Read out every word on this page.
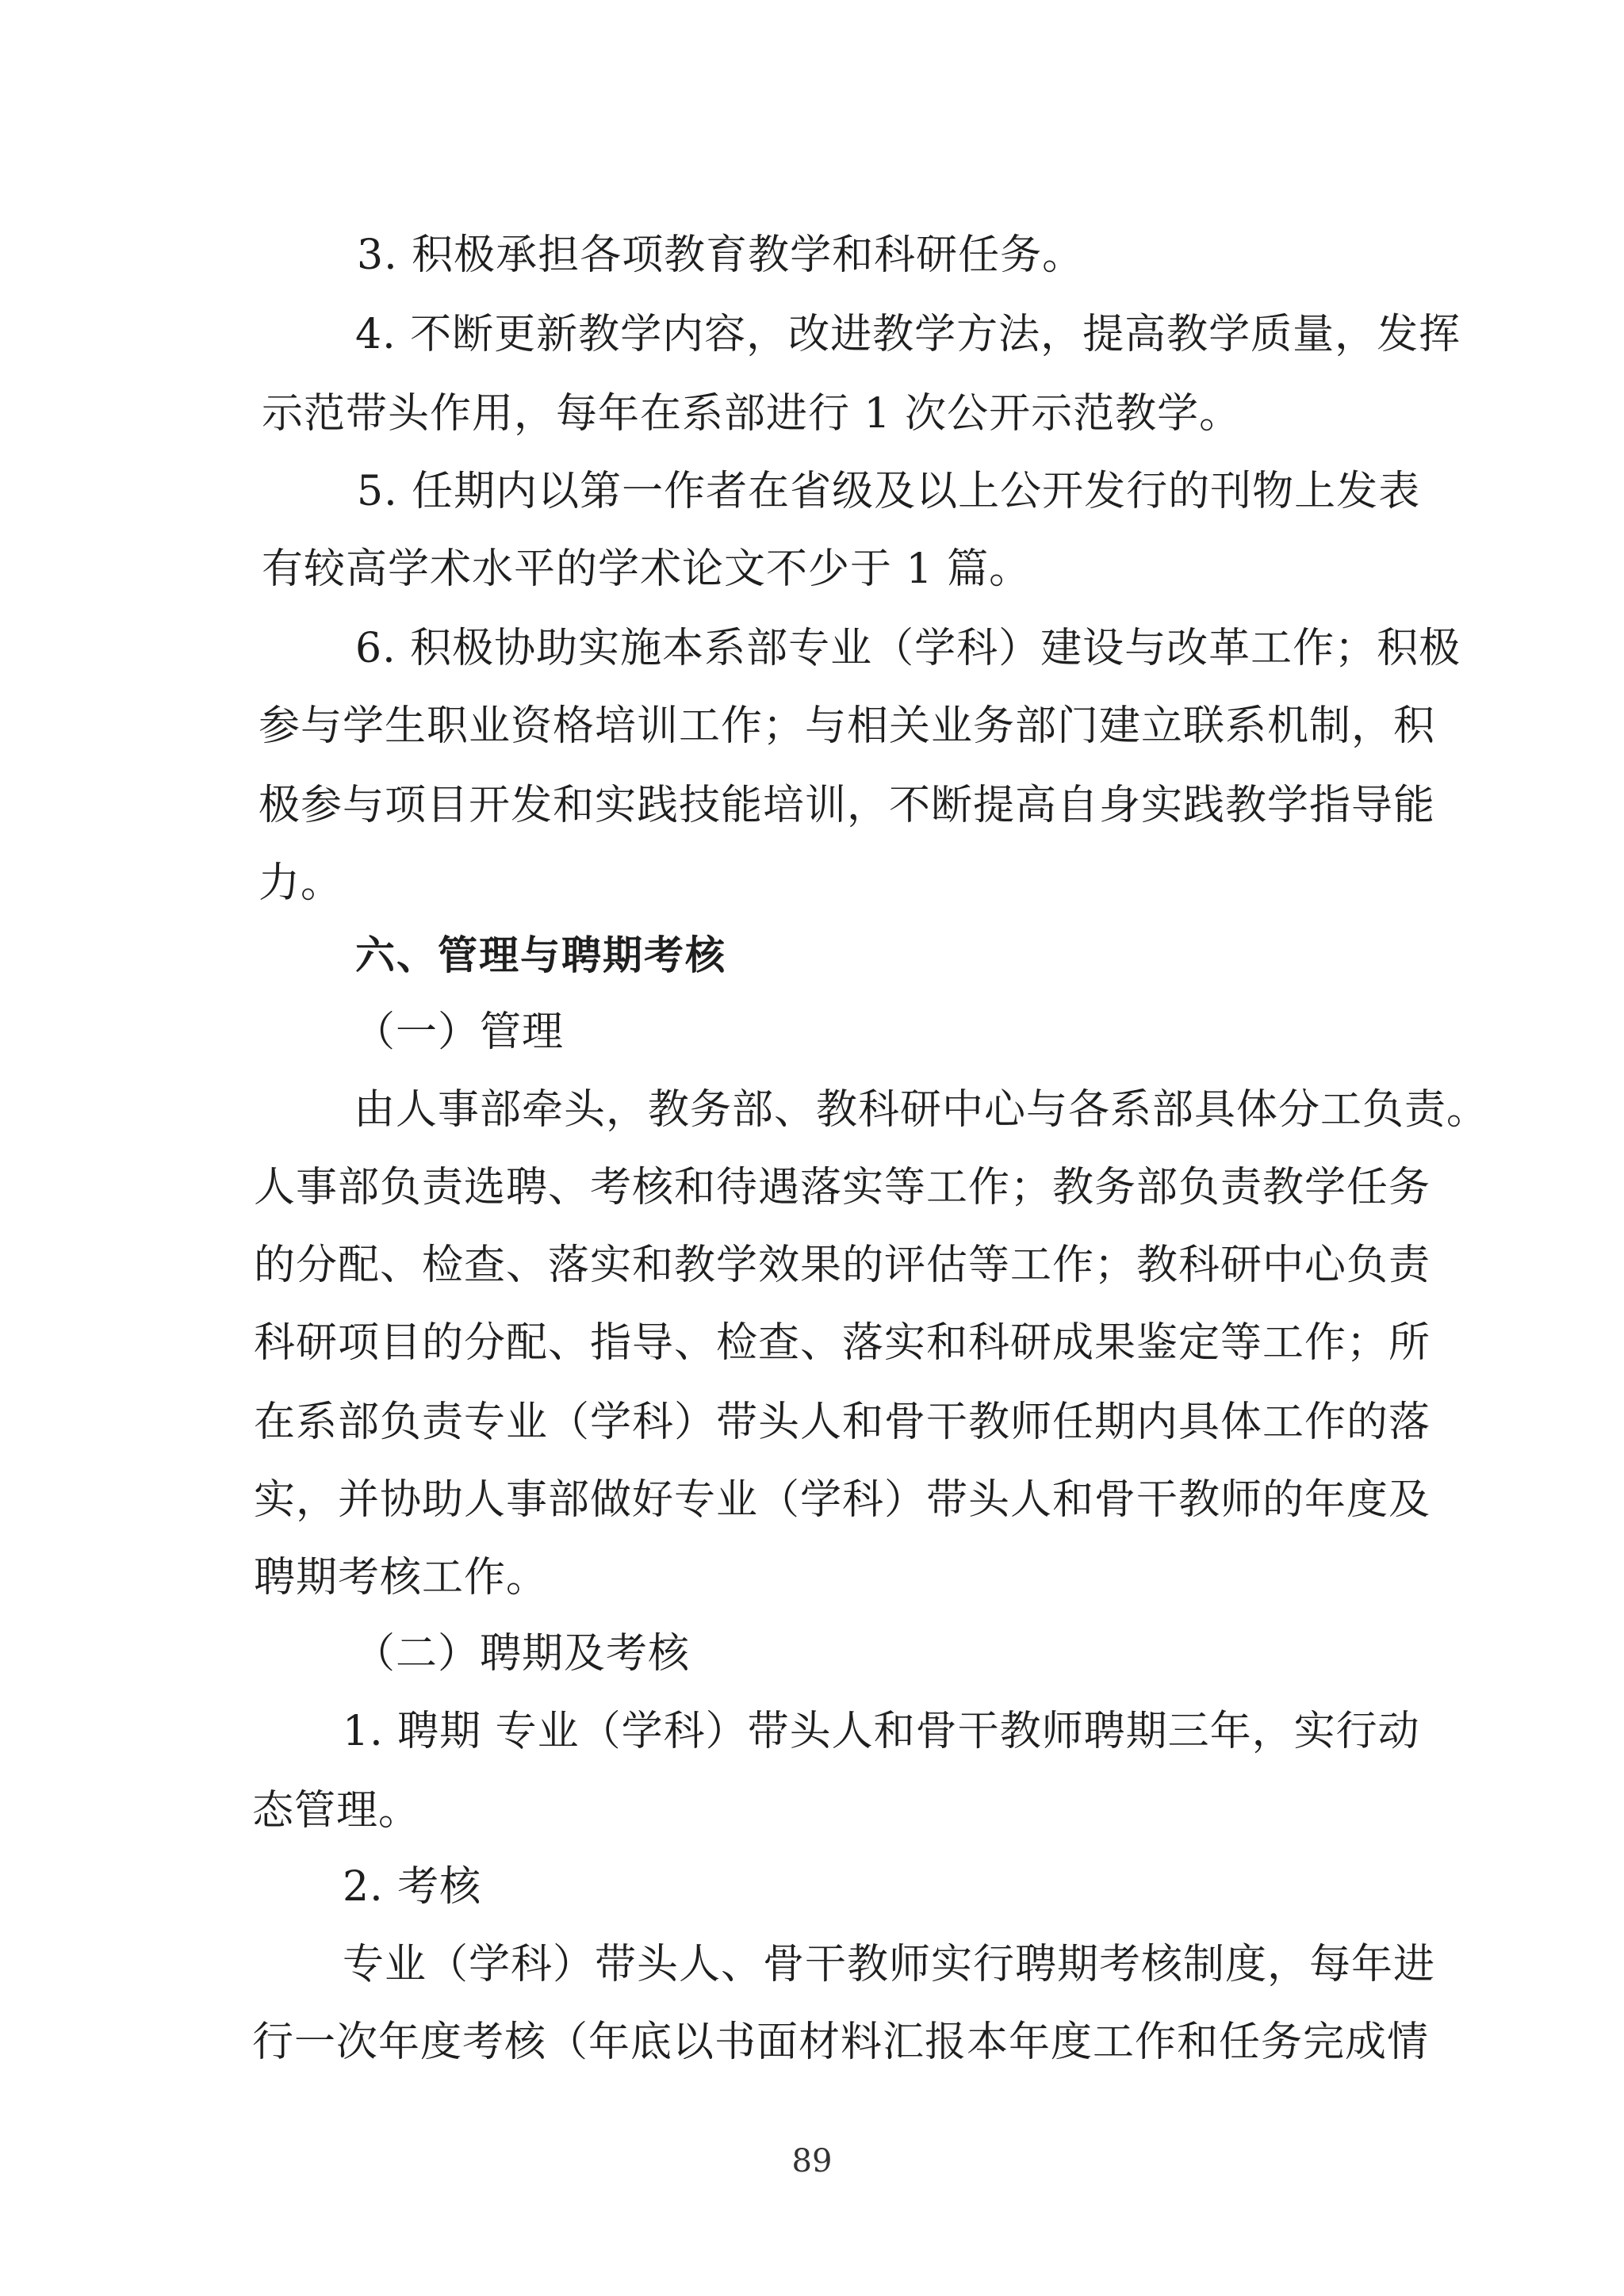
3. 积极承担各项教育教学和科研任务。
4. 不断更新教学内容，改进教学方法，提高教学质量，发挥
示范带头作用，每年在系部进行 1 次公开示范教学。
5. 任期内以第一作者在省级及以上公开发行的刊物上发表
有较高学术水平的学术论文不少于 1 篇。
6. 积极协助实施本系部专业（学科）建设与改革工作；积极
参与学生职业资格培训工作；与相关业务部门建立联系机制，积
极参与项目开发和实践技能培训，不断提高自身实践教学指导能
力。
六、管理与聘期考核
（一）管理
由人事部牵头，教务部、教科研中心与各系部具体分工负责。
人事部负责选聘、考核和待遇落实等工作；教务部负责教学任务
的分配、检查、落实和教学效果的评估等工作；教科研中心负责
科研项目的分配、指导、检查、落实和科研成果鉴定等工作；所
在系部负责专业（学科）带头人和骨干教师任期内具体工作的落
实，并协助人事部做好专业（学科）带头人和骨干教师的年度及
聘期考核工作。
（二）聘期及考核
1. 聘期 专业（学科）带头人和骨干教师聘期三年，实行动
态管理。
2. 考核
专业（学科）带头人、骨干教师实行聘期考核制度，每年进
行一次年度考核（年底以书面材料汇报本年度工作和任务完成情
89
